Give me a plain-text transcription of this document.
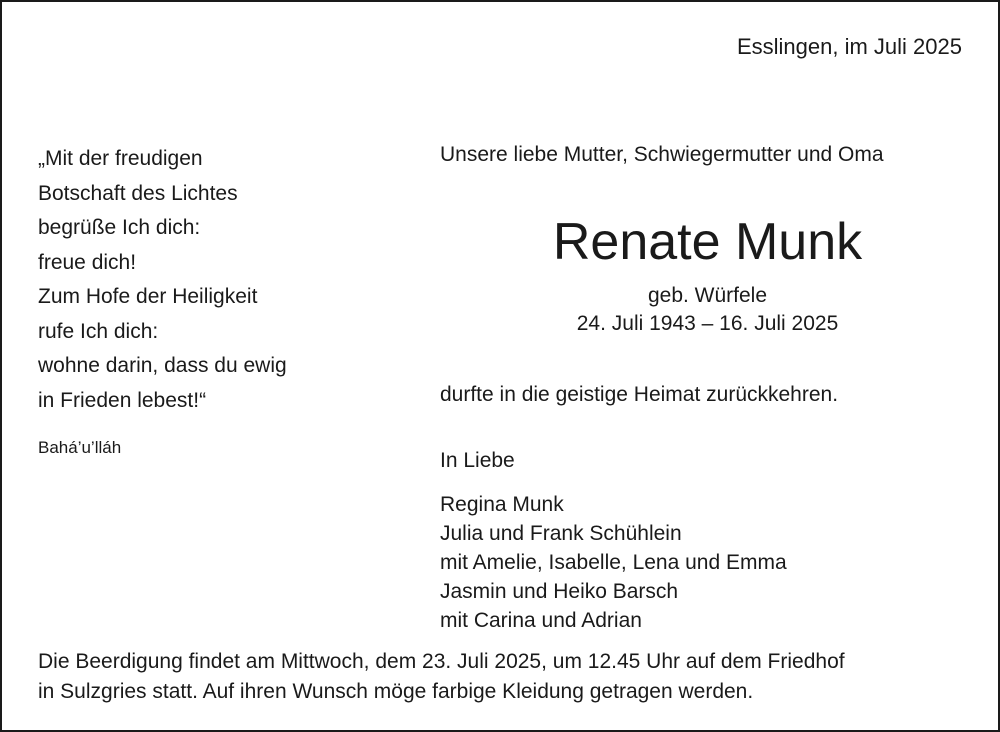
Esslingen, im Juli 2025
„Mit der freudigen
Botschaft des Lichtes
begrüße Ich dich:
freue dich!
Zum Hofe der Heiligkeit
rufe Ich dich:
wohne darin, dass du ewig
in Frieden lebest!“
Bahá’u’lláh
Unsere liebe Mutter, Schwiegermutter und Oma
Renate Munk
geb. Würfele
24. Juli 1943 – 16. Juli 2025
durfte in die geistige Heimat zurückkehren.
In Liebe
Regina Munk
Julia und Frank Schühlein
mit Amelie, Isabelle, Lena und Emma
Jasmin und Heiko Barsch
mit Carina und Adrian
Die Beerdigung findet am Mittwoch, dem 23. Juli 2025, um 12.45 Uhr auf dem Friedhof
in Sulzgries statt. Auf ihren Wunsch möge farbige Kleidung getragen werden.
